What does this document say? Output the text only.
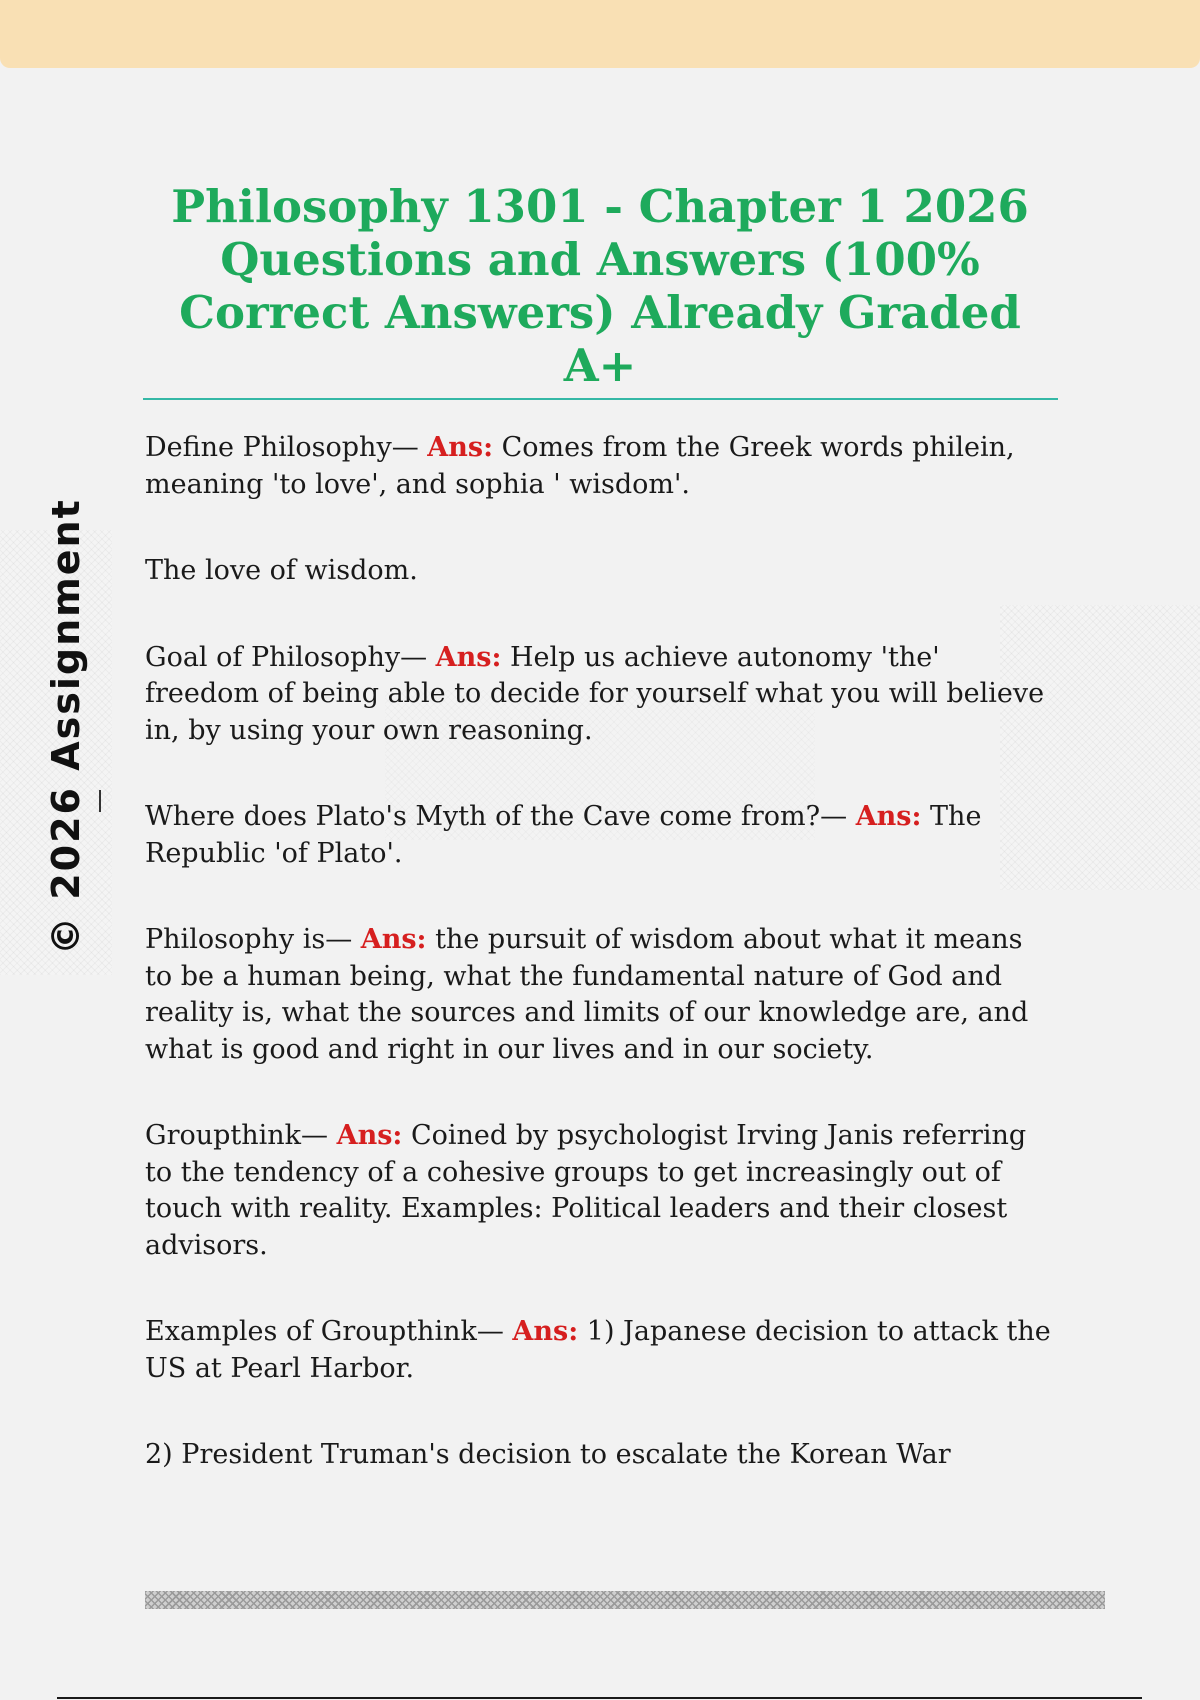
© 2026 Assignment
Philosophy 1301 - Chapter 1 2026 Questions and Answers (100% Correct Answers) Already Graded A+

Define Philosophy— Ans: Comes from the Greek words philein, meaning 'to love', and sophia ' wisdom'.

The love of wisdom.

Goal of Philosophy— Ans: Help us achieve autonomy 'the' freedom of being able to decide for yourself what you will believe in, by using your own reasoning.

Where does Plato's Myth of the Cave come from?— Ans: The Republic 'of Plato'.

Philosophy is— Ans: the pursuit of wisdom about what it means to be a human being, what the fundamental nature of God and reality is, what the sources and limits of our knowledge are, and what is good and right in our lives and in our society.

Groupthink— Ans: Coined by psychologist Irving Janis referring to the tendency of a cohesive groups to get increasingly out of touch with reality. Examples: Political leaders and their closest advisors.

Examples of Groupthink— Ans: 1) Japanese decision to attack the US at Pearl Harbor.

2) President Truman's decision to escalate the Korean War
